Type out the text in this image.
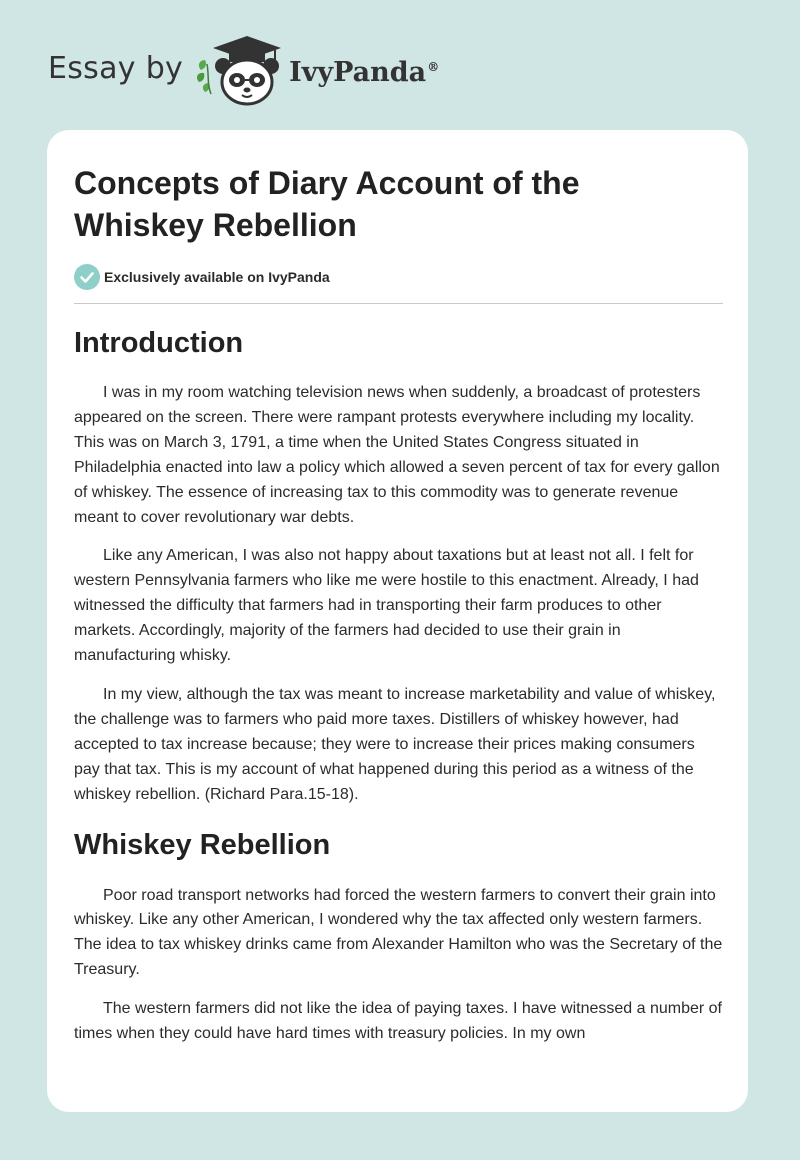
Essay by	IvyPanda®
Concepts of Diary Account of the Whiskey Rebellion
Exclusively available on IvyPanda
Introduction

I was in my room watching television news when suddenly, a broadcast of protesters appeared on the screen. There were rampant protests everywhere including my locality. This was on March 3, 1791, a time when the United States Congress situated in Philadelphia enacted into law a policy which allowed a seven percent of tax for every gallon of whiskey. The essence of increasing tax to this commodity was to generate revenue meant to cover revolutionary war debts.

Like any American, I was also not happy about taxations but at least not all. I felt for western Pennsylvania farmers who like me were hostile to this enactment. Already, I had witnessed the difficulty that farmers had in transporting their farm produces to other markets. Accordingly, majority of the farmers had decided to use their grain in manufacturing whisky.

In my view, although the tax was meant to increase marketability and value of whiskey, the challenge was to farmers who paid more taxes. Distillers of whiskey however, had accepted to tax increase because; they were to increase their prices making consumers pay that tax. This is my account of what happened during this period as a witness of the whiskey rebellion. (Richard Para.15-18).

Whiskey Rebellion

Poor road transport networks had forced the western farmers to convert their grain into whiskey. Like any other American, I wondered why the tax affected only western farmers. The idea to tax whiskey drinks came from Alexander Hamilton who was the Secretary of the Treasury.

The western farmers did not like the idea of paying taxes. I have witnessed a number of times when they could have hard times with treasury policies. In my own
